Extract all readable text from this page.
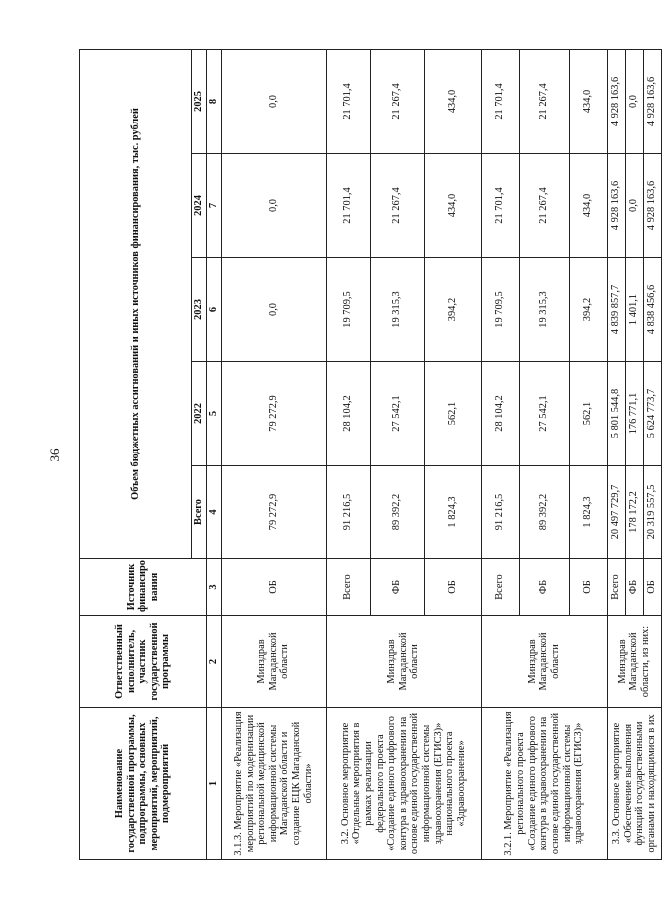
36
Наименование государственной программы, подпрограммы, основных мероприятий, мероприятий, подмероприятий	Ответственный исполнитель, участник государственной программы	Источник финансиро вания	Объем бюджетных ассигнований и иных источников финансирования, тыс. рублей				
			Всего	2022	2023	2024	2025
1	2	3	4	5	6	7	8
3.1.3. Мероприятие «Реализация мероприятий по модернизации региональной медицинской информационной системы Магаданской области и создание ЕЦК Магаданской области»	Минздрав Магаданской области	ОБ	79 272,9	79 272,9	0,0	0,0	0,0
3.2. Основное мероприятие «Отдельные мероприятия в рамках реализации федерального проекта «Создание единого цифрового контура в здравоохранении на основе единой государственной информационной системы здравоохранения (ЕГИСЗ)» национального проекта «Здравоохранение»	Минздрав Магаданской области	Всего	91 216,5	28 104,2	19 709,5	21 701,4	21 701,4
		ФБ	89 392,2	27 542,1	19 315,3	21 267,4	21 267,4
		ОБ	1 824,3	562,1	394,2	434,0	434,0
3.2.1. Мероприятие «Реализация регионального проекта «Создание единого цифрового контура в здравоохранении на основе единой государственной информационной системы здравоохранения (ЕГИСЗ)»	Минздрав Магаданской области	Всего	91 216,5	28 104,2	19 709,5	21 701,4	21 701,4
		ФБ	89 392,2	27 542,1	19 315,3	21 267,4	21 267,4
		ОБ	1 824,3	562,1	394,2	434,0	434,0
3.3. Основное мероприятие «Обеспечение выполнения функций государственными органами и находящимися в их	Минздрав Магаданской области, из них:	Всего	20 497 729,7	5 801 544,8	4 839 857,7	4 928 163,6	4 928 163,6
		ФБ	178 172,2	176 771,1	1 401,1	0,0	0,0
		ОБ	20 319 557,5	5 624 773,7	4 838 456,6	4 928 163,6	4 928 163,6
